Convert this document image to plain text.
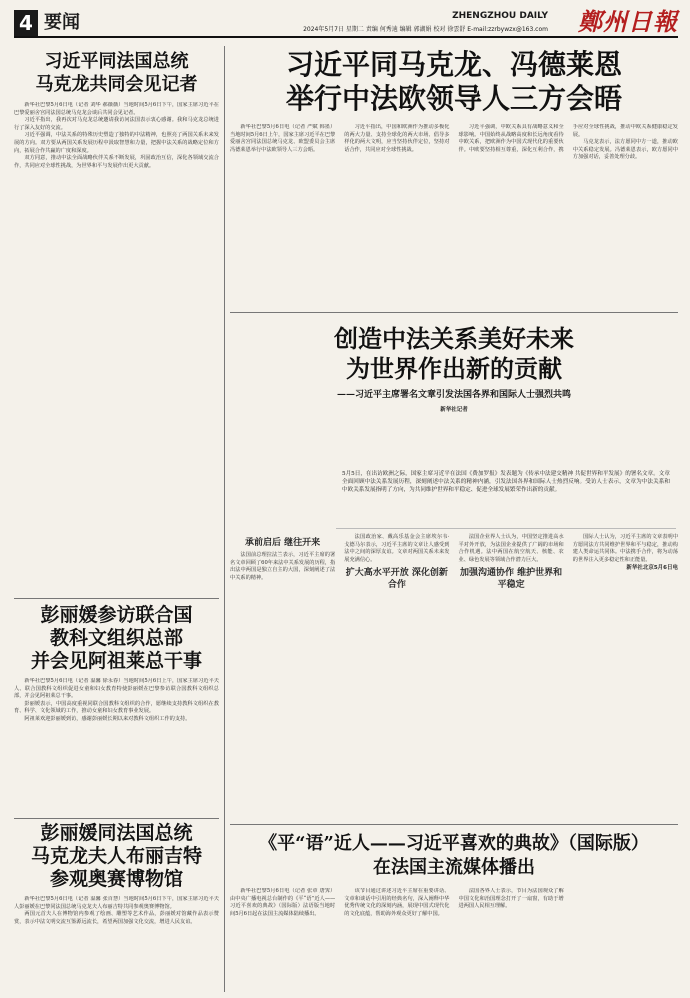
4 要闻	ZHENGZHOU DAILY
2024年5月7日 星期二 责编 何秀迪 编辑 郭湖娟 校对 徐雲舒 E-mail:zzrbywzx@163.com 鄭州日報
习近平同法国总统
马克龙共同会见记者

新华社巴黎5月6日电（记者 刘华 郝薇薇）当地时间5月6日下午，国家主席习近平在巴黎爱丽舍宫同法国总统马克龙会谈后共同会见记者。

习近平指出，我再次对马克龙总统邀请我访问法国表示衷心感谢。我和马克龙总统进行了深入友好的交流。

习近平强调，中法关系的特殊历史塑造了独特的中法精神，也照亮了两国关系未来发展的方向。双方要从两国关系发展历程中汲取智慧和力量，把握中法关系的战略定位和方向，拓展合作共赢的广度和深度。

双方同意，推动中法全面战略伙伴关系不断发展，巩固政治互信，深化各领域交流合作，共同应对全球性挑战，为世界和平与发展作出更大贡献。

彭丽媛参访联合国
教科文组织总部
并会见阿祖莱总干事

新华社巴黎5月6日电（记者 温馨 徐永春）当地时间5月6日上午，国家主席习近平夫人、联合国教科文组织促进女童和妇女教育特使彭丽媛在巴黎参访联合国教科文组织总部，并会见阿祖莱总干事。

彭丽媛表示，中国高度重视同联合国教科文组织的合作，愿继续支持教科文组织在教育、科学、文化领域的工作，推动女童和妇女教育事业发展。

阿祖莱欢迎彭丽媛到访，感谢彭丽媛长期以来对教科文组织工作的支持。

彭丽媛同法国总统
马克龙夫人布丽吉特
参观奥赛博物馆

新华社巴黎5月6日电（记者 温馨 张百慧）当地时间5月6日下午，国家主席习近平夫人彭丽媛在巴黎同法国总统马克龙夫人布丽吉特共同参观奥赛博物馆。

两国元首夫人在博物馆内参观了绘画、雕塑等艺术作品，彭丽媛对馆藏作品表示赞赏，表示中法文明交流互鉴源远流长，希望两国加强文化交流，增进人民友谊。

习近平同马克龙、冯德莱恩
举行中法欧领导人三方会晤

新华社巴黎5月6日电（记者 严赋 韩墨）当地时间5月6日上午，国家主席习近平在巴黎爱丽舍宫同法国总统马克龙、欧盟委员会主席冯德莱恩举行中法欧领导人三方会晤。

习近平指出，中国和欧洲作为推动多极化的两大力量、支持全球化的两大市场、倡导多样化的两大文明，应当坚持伙伴定位，坚持对话合作，共同应对全球性挑战。

习近平强调，中欧关系具有战略意义和全球影响。中国始终从战略高度和长远角度看待中欧关系，把欧洲作为中国式现代化的重要伙伴。中欧要坚持相互尊重，深化互利合作，携手应对全球性挑战，推动中欧关系健康稳定发展。

马克龙表示，法方愿同中方一道，推动欧中关系稳定发展。冯德莱恩表示，欧方愿同中方加强对话，妥善处理分歧。

创造中法关系美好未来
为世界作出新的贡献
——习近平主席署名文章引发法国各界和国际人士强烈共鸣
新华社记者
5月5日，在出访欧洲之际，国家主席习近平在法国《费加罗报》发表题为《传承中法建交精神 共促世界和平发展》的署名文章。文章全面回顾中法关系发展历程，深刻阐述中法关系的精神内涵，引发法国各界和国际人士热烈反响。受访人士表示，文章为中法关系和中欧关系发展指明了方向，为共同维护世界和平稳定、促进全球发展繁荣作出新的贡献。
承前启后 继往开来

法国前总理拉法兰表示，习近平主席的署名文章回顾了60年来法中关系发展的历程，指出法中两国是独立自主的大国，深刻阐述了法中关系的精神。

法国政治家、戴高乐基金会主席埃尔韦·戈德马尔表示，习近平主席的文章让人感受到法中之间的深厚友谊。文章对两国关系未来发展充满信心。

扩大高水平开放 深化创新合作

法国企业界人士认为，中国坚定推进高水平对外开放，为法国企业提供了广阔的市场和合作机遇。法中两国在航空航天、核能、农业、绿色发展等领域合作潜力巨大。

加强沟通协作 维护世界和平稳定

国际人士认为，习近平主席的文章表明中方愿同法方共同维护世界和平与稳定，推动构建人类命运共同体。中法携手合作，将为动荡的世界注入更多稳定性和正能量。

新华社北京5月6日电
《平“语”近人——习近平喜欢的典故》（国际版）
在法国主流媒体播出

新华社巴黎5月6日电（记者 张章 唐霁）由中央广播电视总台制作的《平“语”近人——习近平喜欢的典故》（国际版）法语版当地时间5月6日起在法国主流媒体陆续播出。

该节目通过讲述习近平主席在重要讲话、文章和谈话中引用的经典名句，深入阐释中华优秀传统文化的深刻内涵，展现中国式现代化的文化底蕴，帮助海外观众更好了解中国。

法国各界人士表示，节目为法国观众了解中国文化和治国理念打开了一扇窗，有助于增进两国人民相互理解。
